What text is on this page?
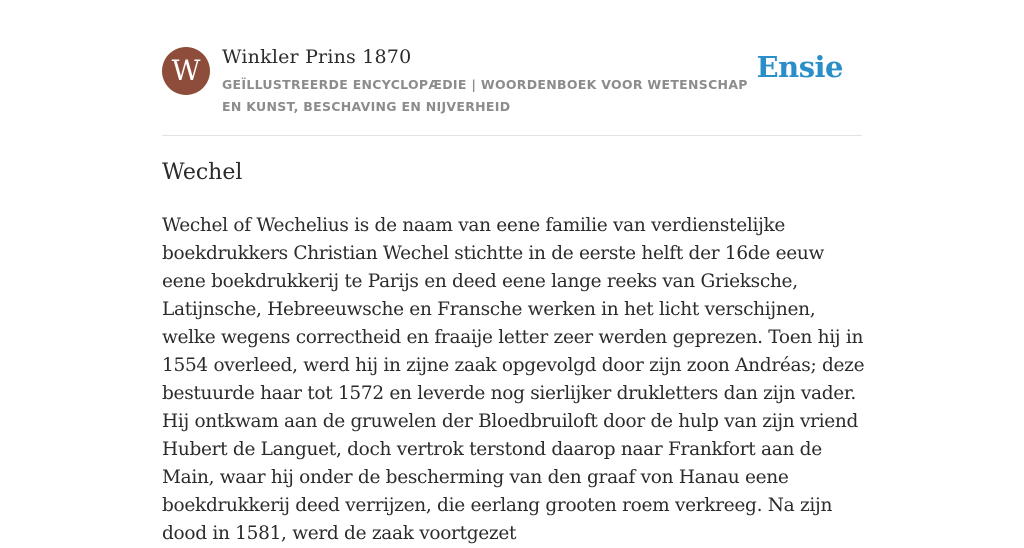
W	Winkler Prins 1870
GEÏLLUSTREERDE ENCYCLOPÆDIE | WOORDENBOEK VOOR WETENSCHAP EN KUNST, BESCHAVING EN NIJVERHEID
Ensie
Wechel

Wechel of Wechelius is de naam van eene familie van verdienstelijke boekdrukkers Christian Wechel stichtte in de eerste helft der 16de eeuw eene boekdrukkerij te Parijs en deed eene lange reeks van Grieksche, Latijnsche, Hebreeuwsche en Fransche werken in het licht verschijnen, welke wegens correctheid en fraaije letter zeer werden geprezen. Toen hij in 1554 overleed, werd hij in zijne zaak opgevolgd door zijn zoon Andréas; deze bestuurde haar tot 1572 en leverde nog sierlijker drukletters dan zijn vader. Hij ontkwam aan de gruwelen der Bloedbruiloft door de hulp van zijn vriend Hubert de Languet, doch vertrok terstond daarop naar Frankfort aan de Main, waar hij onder de bescherming van den graaf von Hanau eene boekdrukkerij deed verrijzen, die eerlang grooten roem verkreeg. Na zijn dood in 1581, werd de zaak voortgezet
